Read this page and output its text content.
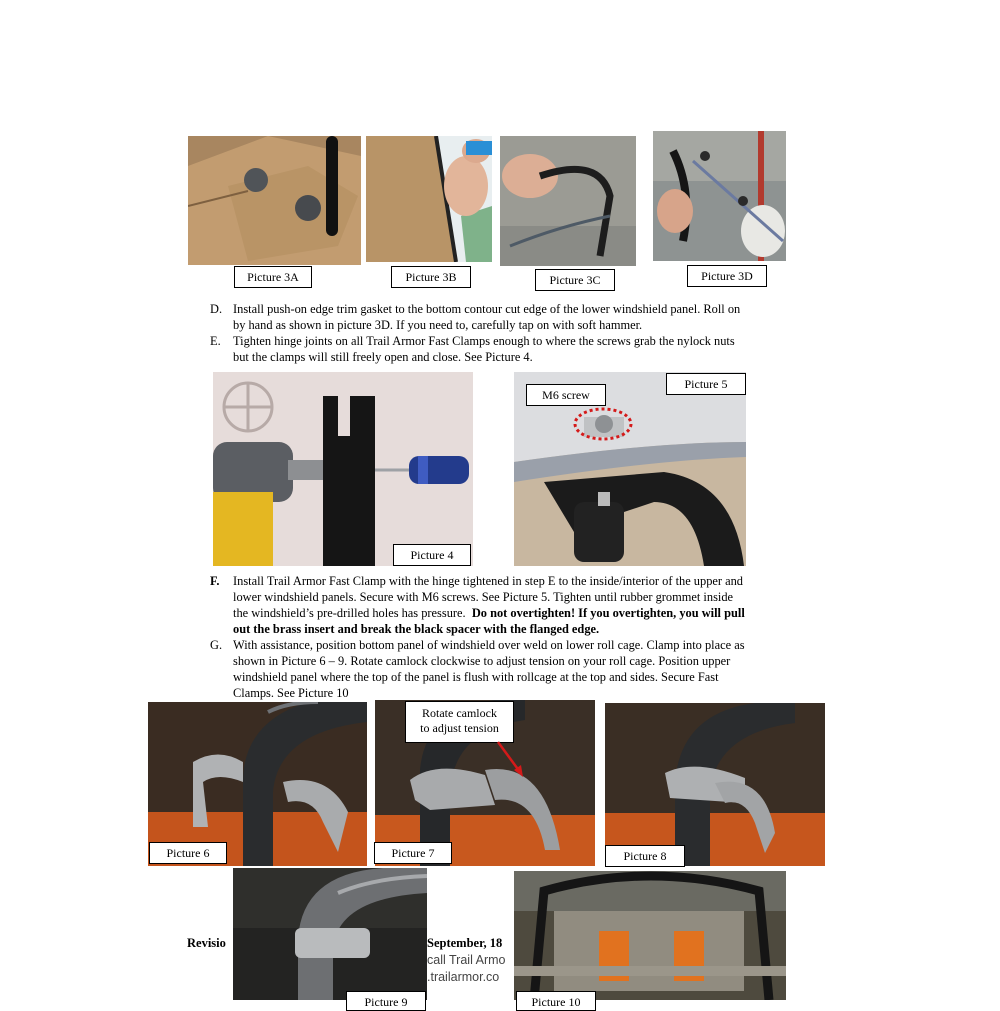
Picture 3A	Picture 3B	Picture 3C	Picture 3D
D. Install push-on edge trim gasket to the bottom contour cut edge of the lower windshield panel. Roll on
by hand as shown in picture 3D. If you need to, carefully tap on with soft hammer.
E. Tighten hinge joints on all Trail Armor Fast Clamps enough to where the screws grab the nylock nuts
but the clamps will still freely open and close. See Picture 4.
Picture 4
Picture 5
M6 screw
F.	Install Trail Armor Fast Clamp with the hinge tightened in step E to the inside/interior of the upper and
lower windshield panels. Secure with M6 screws. See Picture 5. Tighten until rubber grommet inside
the windshield’s pre-drilled holes has pressure. Do not overtighten! If you overtighten, you will pull
out the brass insert and break the black spacer with the flanged edge.
G. With assistance, position bottom panel of windshield over weld on lower roll cage. Clamp into place as
shown in Picture 6 – 9. Rotate camlock clockwise to adjust tension on your roll cage. Position upper
windshield panel where the top of the panel is flush with rollcage at the top and sides. Secure Fast
Clamps. See Picture 10
Picture 6	Picture 7
Rotate camlock
to adjust tension
Picture 8
Picture 9	Picture 10
Revisio	September, 18
call Trail Armo
.trailarmor.co
